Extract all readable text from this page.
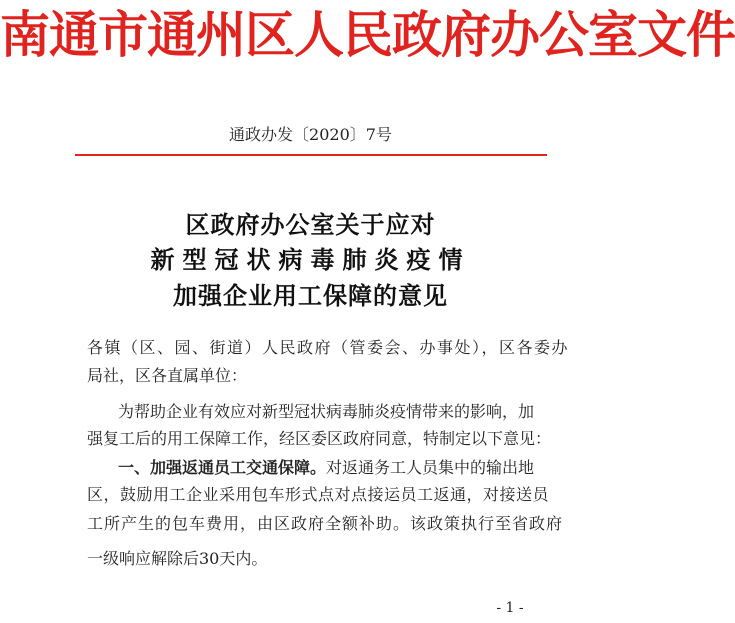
南通市通州区人民政府办公室文件
通政办发〔2020〕7号
区政府办公室关于应对
新型冠状病毒肺炎疫情
加强企业用工保障的意见
各镇（区、园、街道）人民政府（管委会、办事处），区各委办
局社，区各直属单位：
为帮助企业有效应对新型冠状病毒肺炎疫情带来的影响，加
强复工后的用工保障工作，经区委区政府同意，特制定以下意见：
一、加强返通员工交通保障。对返通务工人员集中的输出地
区，鼓励用工企业采用包车形式点对点接运员工返通，对接送员
工所产生的包车费用，由区政府全额补助。该政策执行至省政府
一级响应解除后30天内。
- 1 -
